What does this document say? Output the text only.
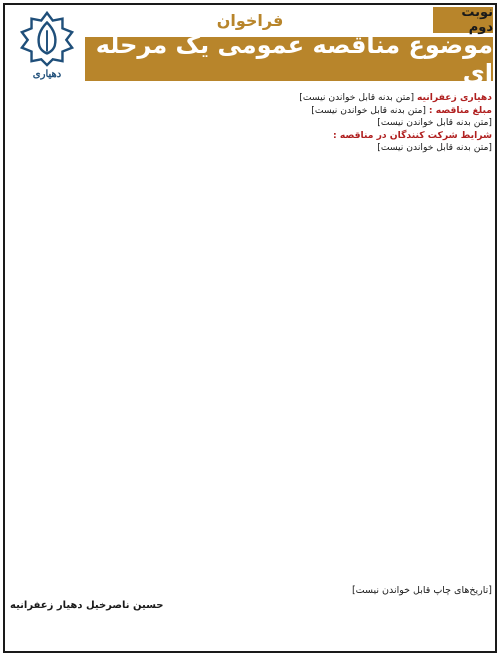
دهیاری
نوبت دوم
فراخوان
موضوع مناقصه عمومی یک مرحله ای

دهیاری زعفرانیه [متن بدنه قابل خواندن نیست]

مبلغ مناقصه : [متن بدنه قابل خواندن نیست]

[متن بدنه قابل خواندن نیست]

شرایط شرکت کنندگان در مناقصه :
[متن بدنه قابل خواندن نیست]

[تاریخ‌های چاپ قابل خواندن نیست]
حسین ناصرخیل دهیار زعفرانیه
